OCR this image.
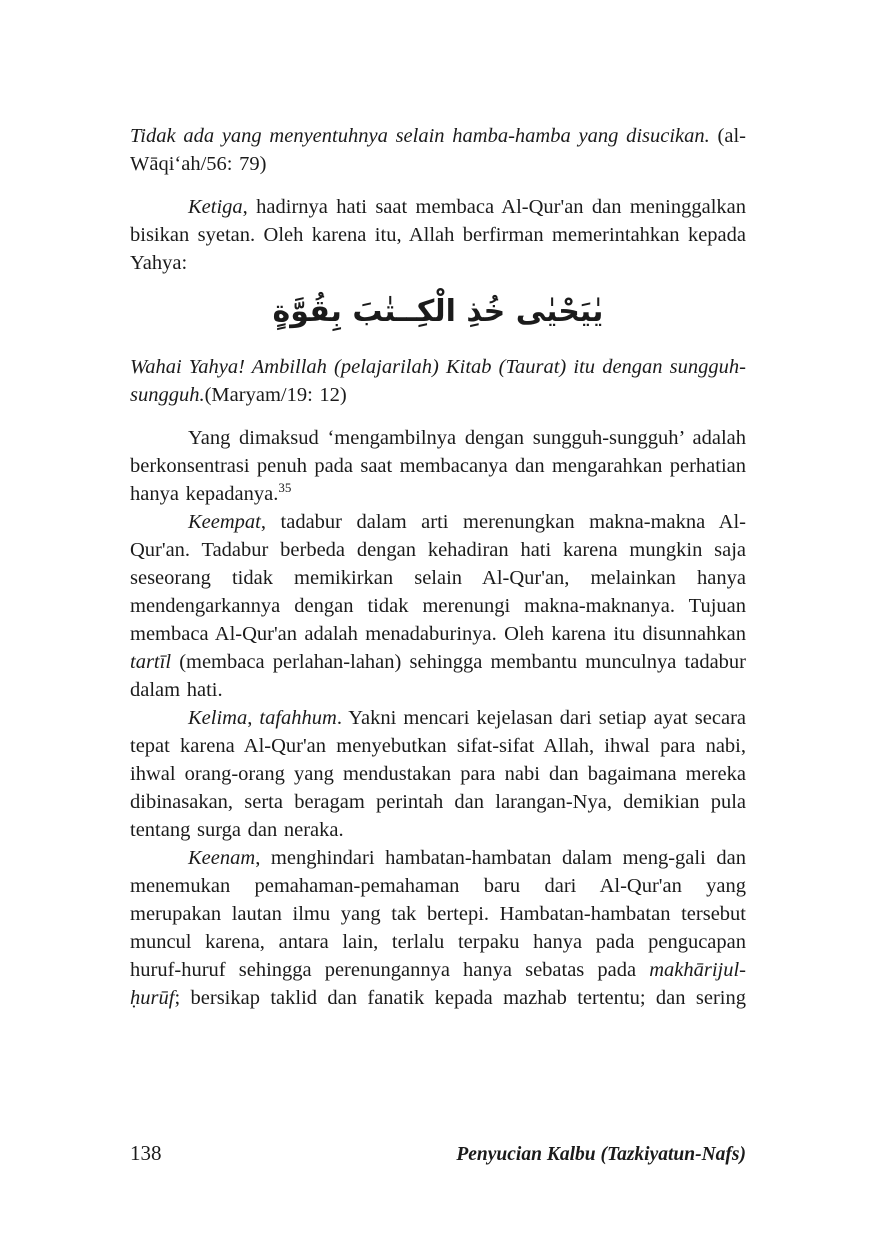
Tidak ada yang menyentuhnya selain hamba-hamba yang disucikan. (al-Wāqi‘ah/56: 79)

Ketiga, hadirnya hati saat membaca Al-Qur'an dan meninggalkan bisikan syetan. Oleh karena itu, Allah berfirman memerintahkan kepada Yahya:

يٰيَحْيٰى خُذِ الْكِــتٰبَ بِقُوَّةٍ

Wahai Yahya! Ambillah (pelajarilah) Kitab (Taurat) itu dengan sungguh-sungguh.(Maryam/19: 12)

Yang dimaksud ‘mengambilnya dengan sungguh-sungguh’ adalah berkonsentrasi penuh pada saat membacanya dan mengarahkan perhatian hanya kepadanya.$^{35}$

Keempat, tadabur dalam arti merenungkan makna-makna Al-Qur'an. Tadabur berbeda dengan kehadiran hati karena mungkin saja seseorang tidak memikirkan selain Al-Qur'an, melainkan hanya mendengarkannya dengan tidak merenungi makna-maknanya. Tujuan membaca Al-Qur'an adalah menadaburinya. Oleh karena itu disunnahkan tartīl (membaca perlahan-lahan) sehingga membantu munculnya tadabur dalam hati.

Kelima, tafahhum. Yakni mencari kejelasan dari setiap ayat secara tepat karena Al-Qur'an menyebutkan sifat-sifat Allah, ihwal para nabi, ihwal orang-orang yang mendustakan para nabi dan bagaimana mereka dibinasakan, serta beragam perintah dan larangan-Nya, demikian pula tentang surga dan neraka.

Keenam, menghindari hambatan-hambatan dalam meng-gali dan menemukan pemahaman-pemahaman baru dari Al-Qur'an yang merupakan lautan ilmu yang tak bertepi. Hambatan-hambatan tersebut muncul karena, antara lain, terlalu terpaku hanya pada pengucapan huruf-huruf sehingga perenungannya hanya sebatas pada makhārijul-ḥurūf; bersikap taklid dan fanatik kepada mazhab tertentu; dan sering

138	Penyucian Kalbu (Tazkiyatun-Nafs)
